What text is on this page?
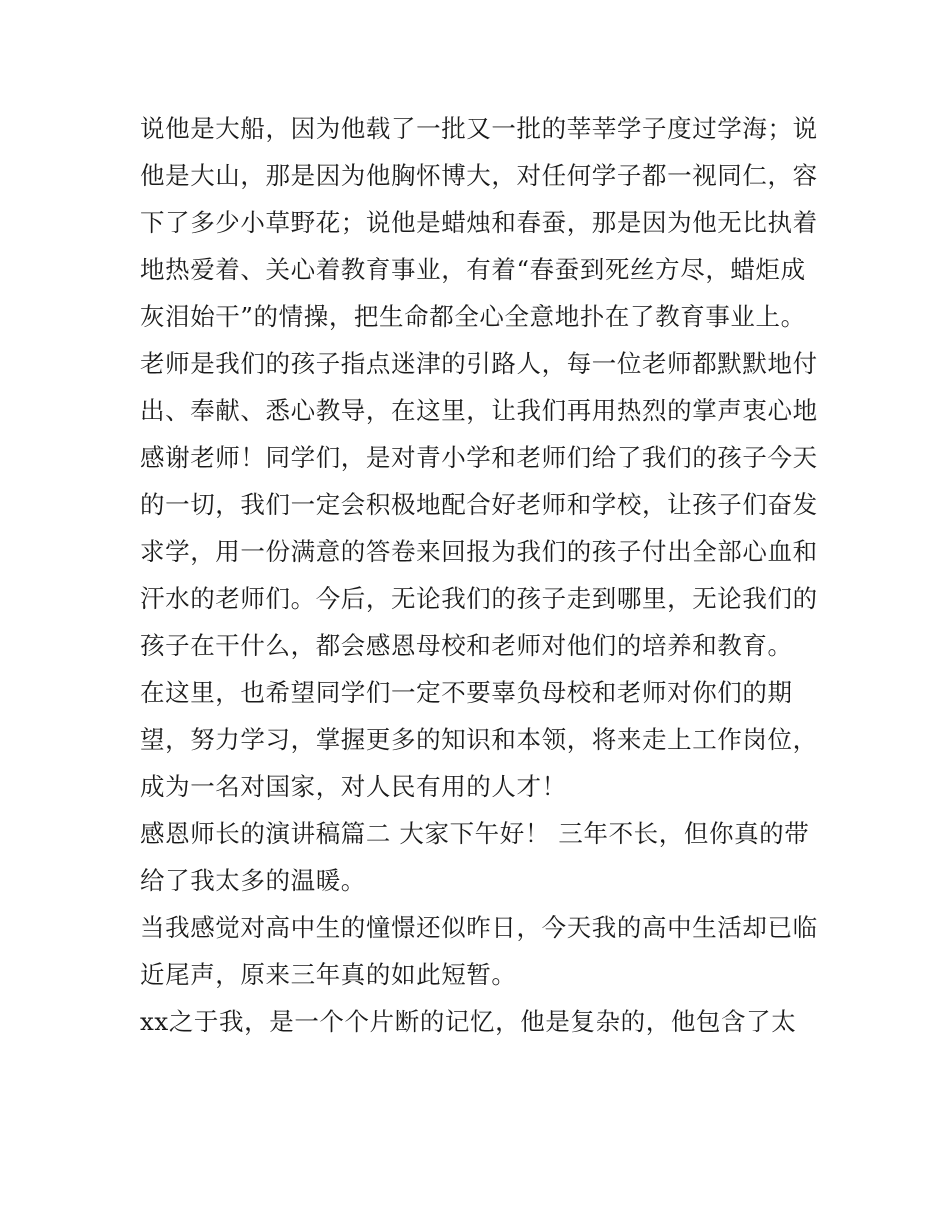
说他是大船，因为他载了一批又一批的莘莘学子度过学海；说
他是大山，那是因为他胸怀博大，对任何学子都一视同仁，容
下了多少小草野花；说他是蜡烛和春蚕，那是因为他无比执着
地热爱着、关心着教育事业，有着“春蚕到死丝方尽，蜡炬成
灰泪始干”的情操，把生命都全心全意地扑在了教育事业上。
老师是我们的孩子指点迷津的引路人，每一位老师都默默地付
出、奉献、悉心教导，在这里，让我们再用热烈的掌声衷心地
感谢老师！同学们，是对青小学和老师们给了我们的孩子今天
的一切，我们一定会积极地配合好老师和学校，让孩子们奋发
求学，用一份满意的答卷来回报为我们的孩子付出全部心血和
汗水的老师们。今后，无论我们的孩子走到哪里，无论我们的
孩子在干什么，都会感恩母校和老师对他们的培养和教育。
在这里，也希望同学们一定不要辜负母校和老师对你们的期
望，努力学习，掌握更多的知识和本领，将来走上工作岗位，
成为一名对国家，对人民有用的人才！
感恩师长的演讲稿篇二 大家下午好！ 三年不长，但你真的带
给了我太多的温暖。
当我感觉对高中生的憧憬还似昨日，今天我的高中生活却已临
近尾声，原来三年真的如此短暂。
xx之于我，是一个个片断的记忆，他是复杂的，他包含了太
